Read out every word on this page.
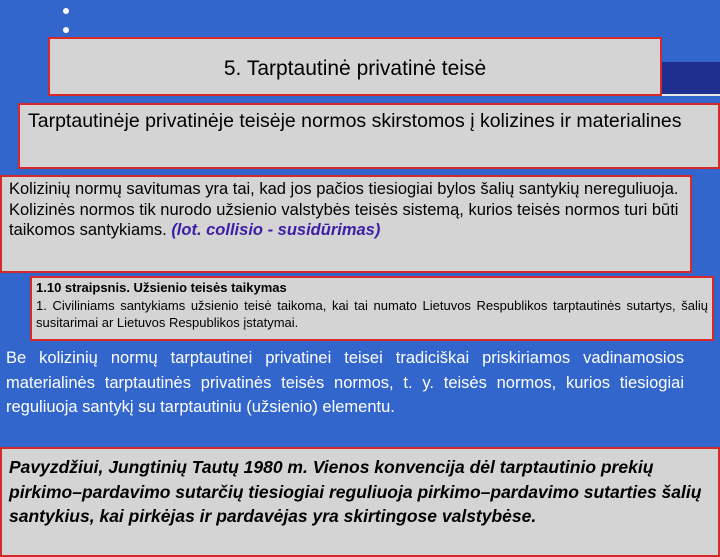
5. Tarptautinė privatinė teisė
Tarptautinėje privatinėje teisėje normos skirstomos į kolizines ir materialines
Kolizinių normų savitumas yra tai, kad jos pačios tiesiogiai bylos šalių santykių nereguliuoja. Kolizinės normos tik nurodo užsienio valstybės teisės sistemą, kurios teisės normos turi būti taikomos santykiams. (lot. collisio - susidūrimas)
1.10 straipsnis. Užsienio teisės taikymas
1. Civiliniams santykiams užsienio teisė taikoma, kai tai numato Lietuvos Respublikos tarptautinės sutartys, šalių susitarimai ar Lietuvos Respublikos įstatymai.
Be kolizinių normų tarptautinei privatinei teisei tradiciškai priskiriamos vadinamosios materialinės tarptautinės privatinės teisės normos, t. y. teisės normos, kurios tiesiogiai reguliuoja santykį su tarptautiniu (užsienio) elementu.
Pavyzdžiui, Jungtinių Tautų 1980 m. Vienos konvencija dėl tarptautinio prekių pirkimo–pardavimo sutarčių tiesiogiai reguliuoja pirkimo–pardavimo sutarties šalių santykius, kai pirkėjas ir pardavėjas yra skirtingose valstybėse.
